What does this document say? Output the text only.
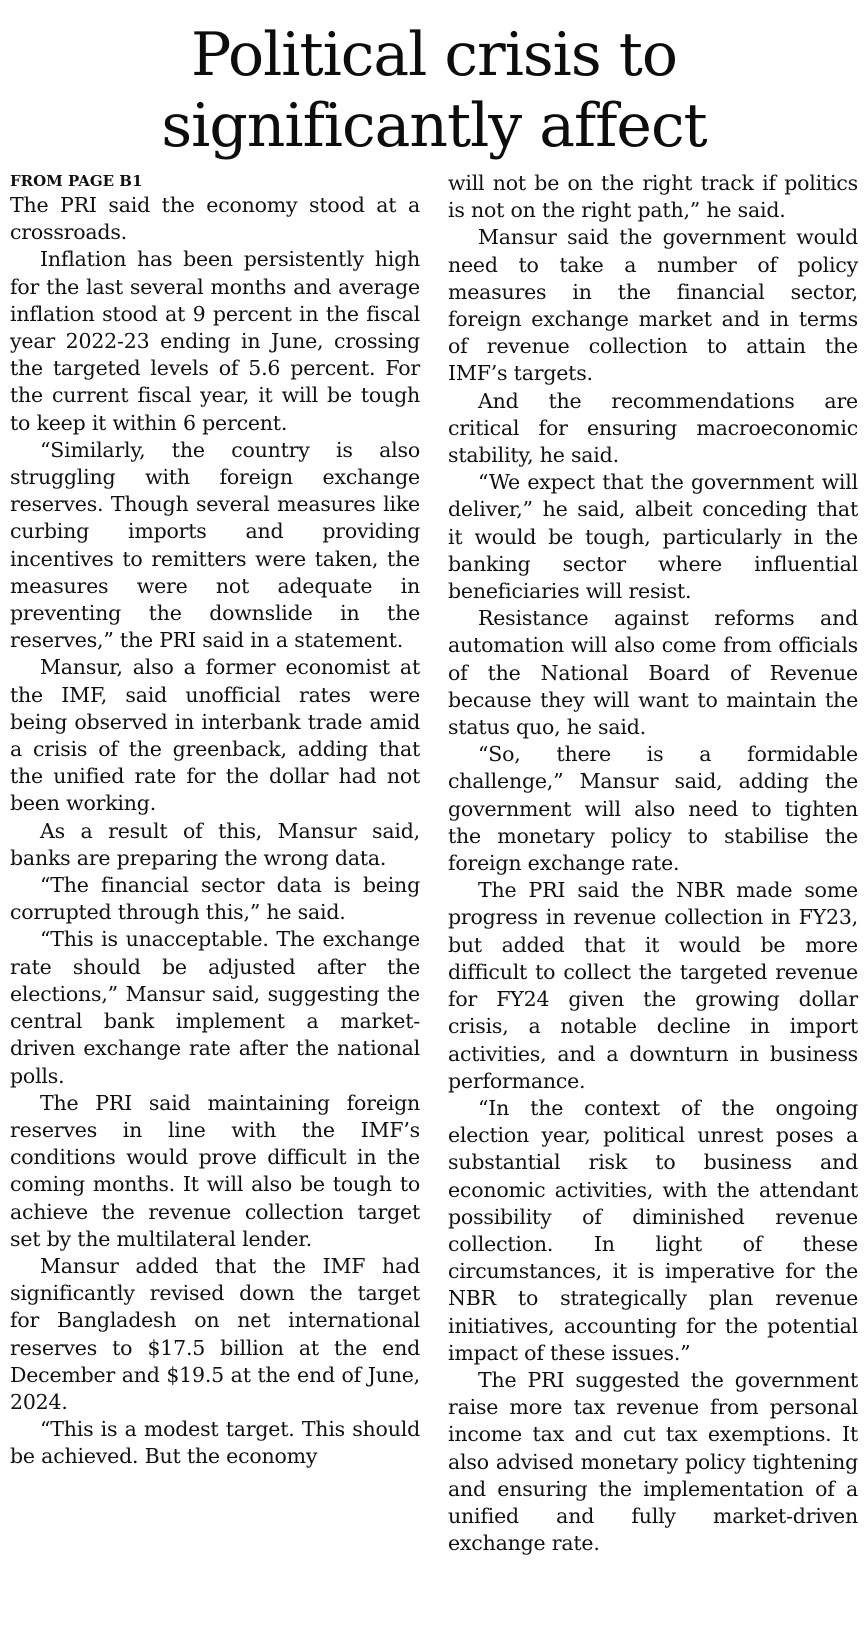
Political crisis to
significantly affect
FROM PAGE B1

The PRI said the economy stood at a crossroads.

Inflation has been persistently high for the last several months and average inflation stood at 9 percent in the fiscal year 2022-23 ending in June, crossing the targeted levels of 5.6 percent. For the current fiscal year, it will be tough to keep it within 6 percent.

“Similarly, the country is also struggling with foreign exchange reserves. Though several measures like curbing imports and providing incentives to remitters were taken, the measures were not adequate in preventing the downslide in the reserves,” the PRI said in a statement.

Mansur, also a former economist at the IMF, said unofficial rates were being observed in interbank trade amid a crisis of the greenback, adding that the unified rate for the dollar had not been working.

As a result of this, Mansur said, banks are preparing the wrong data.

“The financial sector data is being corrupted through this,” he said.

“This is unacceptable. The exchange rate should be adjusted after the elections,” Mansur said, suggesting the central bank implement a market-driven exchange rate after the national polls.

The PRI said maintaining foreign reserves in line with the IMF’s conditions would prove difficult in the coming months. It will also be tough to achieve the revenue collection target set by the multilateral lender.

Mansur added that the IMF had significantly revised down the target for Bangladesh on net international reserves to $17.5 billion at the end December and $19.5 at the end of June, 2024.

“This is a modest target. This should be achieved. But the economy

will not be on the right track if politics is not on the right path,” he said.

Mansur said the government would need to take a number of policy measures in the financial sector, foreign exchange market and in terms of revenue collection to attain the IMF’s targets.

And the recommendations are critical for ensuring macroeconomic stability, he said.

“We expect that the government will deliver,” he said, albeit conceding that it would be tough, particularly in the banking sector where influential beneficiaries will resist.

Resistance against reforms and automation will also come from officials of the National Board of Revenue because they will want to maintain the status quo, he said.

“So, there is a formidable challenge,” Mansur said, adding the government will also need to tighten the monetary policy to stabilise the foreign exchange rate.

The PRI said the NBR made some progress in revenue collection in FY23, but added that it would be more difficult to collect the targeted revenue for FY24 given the growing dollar crisis, a notable decline in import activities, and a downturn in business performance.

“In the context of the ongoing election year, political unrest poses a substantial risk to business and economic activities, with the attendant possibility of diminished revenue collection. In light of these circumstances, it is imperative for the NBR to strategically plan revenue initiatives, accounting for the potential impact of these issues.”

The PRI suggested the government raise more tax revenue from personal income tax and cut tax exemptions. It also advised monetary policy tightening and ensuring the implementation of a unified and fully market-driven exchange rate.
